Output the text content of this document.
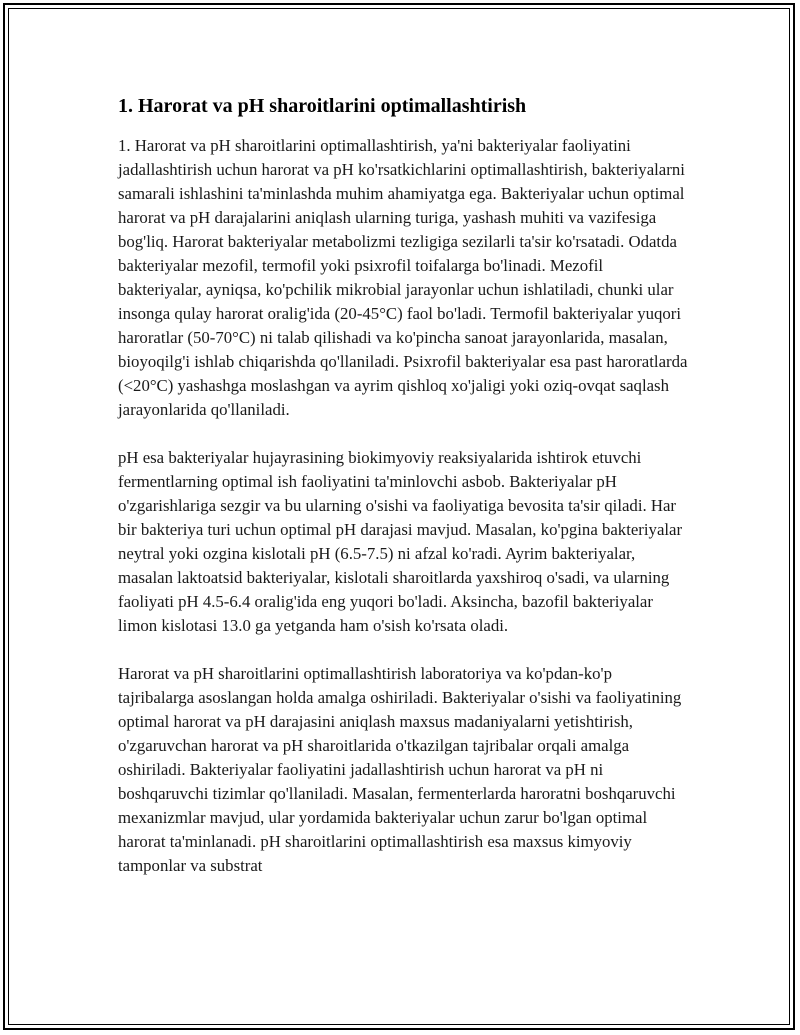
1. Harorat va pH sharoitlarini optimallashtirish

1. Harorat va pH sharoitlarini optimallashtirish, ya'ni bakteriyalar faoliyatini jadallashtirish uchun harorat va pH ko'rsatkichlarini optimallashtirish, bakteriyalarni samarali ishlashini ta'minlashda muhim ahamiyatga ega. Bakteriyalar uchun optimal harorat va pH darajalarini aniqlash ularning turiga, yashash muhiti va vazifesiga bog'liq. Harorat bakteriyalar metabolizmi tezligiga sezilarli ta'sir ko'rsatadi. Odatda bakteriyalar mezofil, termofil yoki psixrofil toifalarga bo'linadi. Mezofil bakteriyalar, ayniqsa, ko'pchilik mikrobial jarayonlar uchun ishlatiladi, chunki ular insonga qulay harorat oralig'ida (20-45°C) faol bo'ladi. Termofil bakteriyalar yuqori haroratlar (50-70°C) ni talab qilishadi va ko'pincha sanoat jarayonlarida, masalan, bioyoqilg'i ishlab chiqarishda qo'llaniladi. Psixrofil bakteriyalar esa past haroratlarda (<20°C) yashashga moslashgan va ayrim qishloq xo'jaligi yoki oziq-ovqat saqlash jarayonlarida qo'llaniladi.

pH esa bakteriyalar hujayrasining biokimyoviy reaksiyalarida ishtirok etuvchi fermentlarning optimal ish faoliyatini ta'minlovchi asbob. Bakteriyalar pH o'zgarishlariga sezgir va bu ularning o'sishi va faoliyatiga bevosita ta'sir qiladi. Har bir bakteriya turi uchun optimal pH darajasi mavjud. Masalan, ko'pgina bakteriyalar neytral yoki ozgina kislotali pH (6.5-7.5) ni afzal ko'radi. Ayrim bakteriyalar, masalan laktoatsid bakteriyalar, kislotali sharoitlarda yaxshiroq o'sadi, va ularning faoliyati pH 4.5-6.4 oralig'ida eng yuqori bo'ladi. Aksincha, bazofil bakteriyalar limon kislotasi 13.0 ga yetganda ham o'sish ko'rsata oladi.

Harorat va pH sharoitlarini optimallashtirish laboratoriya va ko'pdan-ko'p tajribalarga asoslangan holda amalga oshiriladi. Bakteriyalar o'sishi va faoliyatining optimal harorat va pH darajasini aniqlash maxsus madaniyalarni yetishtirish, o'zgaruvchan harorat va pH sharoitlarida o'tkazilgan tajribalar orqali amalga oshiriladi. Bakteriyalar faoliyatini jadallashtirish uchun harorat va pH ni boshqaruvchi tizimlar qo'llaniladi. Masalan, fermenterlarda haroratni boshqaruvchi mexanizmlar mavjud, ular yordamida bakteriyalar uchun zarur bo'lgan optimal harorat ta'minlanadi. pH sharoitlarini optimallashtirish esa maxsus kimyoviy tamponlar va substrat
